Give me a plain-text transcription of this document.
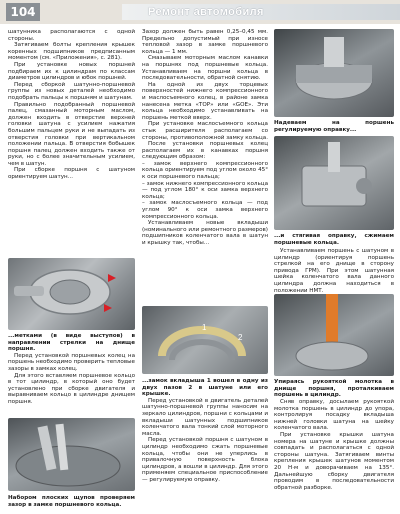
104	Ремонт автомобиля

шатунника располагаются с одной стороны.

Затягиваем болты крепления крышек коренных подшипников предписанным моментом (см. «Приложения», с. 281).

При установке новых поршней подбираем их к цилиндрам по классам диаметров цилиндров и юбок поршней.

Перед сборкой шатунно-поршневой группы из новых деталей необходимо подобрать пальцы к поршням и шатунам.

Правильно подобранный поршневой палец, смазанный моторным маслом, должен входить в отверстие верхней головки шатуна с усилием нажатия большим пальцем руки и не выпадать из отверстия головки при вертикальном положении пальца. В отверстия бобышек поршня палец должен входить также от руки, но с более значительным усилием, чем в шатун.

При сборке поршня с шатуном ориентируем шатун...

...метками (в виде выступов) в направлении стрелки на днище поршня.

Перед установкой поршневых колец на поршень необходимо проверить тепловые зазоры в замках колец.

Для этого вставляем поршневое кольцо в тот цилиндр, в который оно будет установлено при сборке двигателя и выравниваем кольцо в цилиндре днищем поршня.

Набором плоских щупов проверяем зазор в замке поршневого кольца.

Зазор должен быть равен 0,25–0,45 мм. Предельно допустимый при износе тепловой зазор в замке поршневого кольца — 1 мм.

Смазываем моторным маслом канавки на поршнях под поршневые кольца. Устанавливаем на поршни кольца в последовательности, обратной снятию.

На одной из двух торцевых поверхностей нижнего компрессионного и маслосъемного колец, в районе замка нанесена метка «TOP» или «GOE». Эти кольца необходимо устанавливать на поршень меткой вверх.

При установке маслосъемного кольца стык расширителя располагаем со стороны, противоположной замку кольца.

После установки поршневых колец располагаем их в канавках поршня следующим образом:

– замок верхнего компрессионного кольца ориентируем под углом около 45° к оси поршневого пальца;

– замок нижнего компрессионного кольца — под углом 180° к оси замка верхнего кольца;

– замок маслосъемного кольца — под углом 90° к оси замка верхнего компрессионного кольца.

Устанавливаем новые вкладыши (номинального или ремонтного размеров) подшипников коленчатого вала в шатун и крышку так, чтобы...

1
2

...замок вкладыша 1 вошел в одну из двух пазов 2 в шатуне или его крышке.

Перед установкой в двигатель деталей шатунно-поршневой группы наносим на зеркало цилиндров, поршни с кольцами и вкладыши шатунных подшипников коленчатого вала тонкий слой моторного масла.

Перед установкой поршня с шатуном в цилиндр необходимо сжать поршневые кольца, чтобы они не уперлись в привалочную поверхность блока цилиндров, а вошли в цилиндр. Для этого применяем специальное приспособление — регулируемую оправку.

Надеваем на поршень регулируемую оправку...
...и стягивая оправку, сжимаем поршневые кольца.

Устанавливаем поршень с шатуном в цилиндр (ориентируя поршень стрелкой на его днище в сторону привода ГРМ). При этом шатунная шейка коленчатого вала данного цилиндра должна находиться в положении НМТ.

Упираясь рукояткой молотка в днище поршня, проталкиваем поршень в цилиндр.

Сняв оправку, досылаем рукояткой молотка поршень в цилиндр до упора, контролируя посадку вкладыша нижней головки шатуна на шейку коленчатого вала.

При установке крышки шатуна номера на шатуне и крышке должны совпадать и располагаться с одной стороны шатуна. Затягиваем винты крепления крышек шатунов моментом 20 Н·м и доворачиваем на 135°. Дальнейшую сборку двигателя проводим в последовательности обратной разборке.
